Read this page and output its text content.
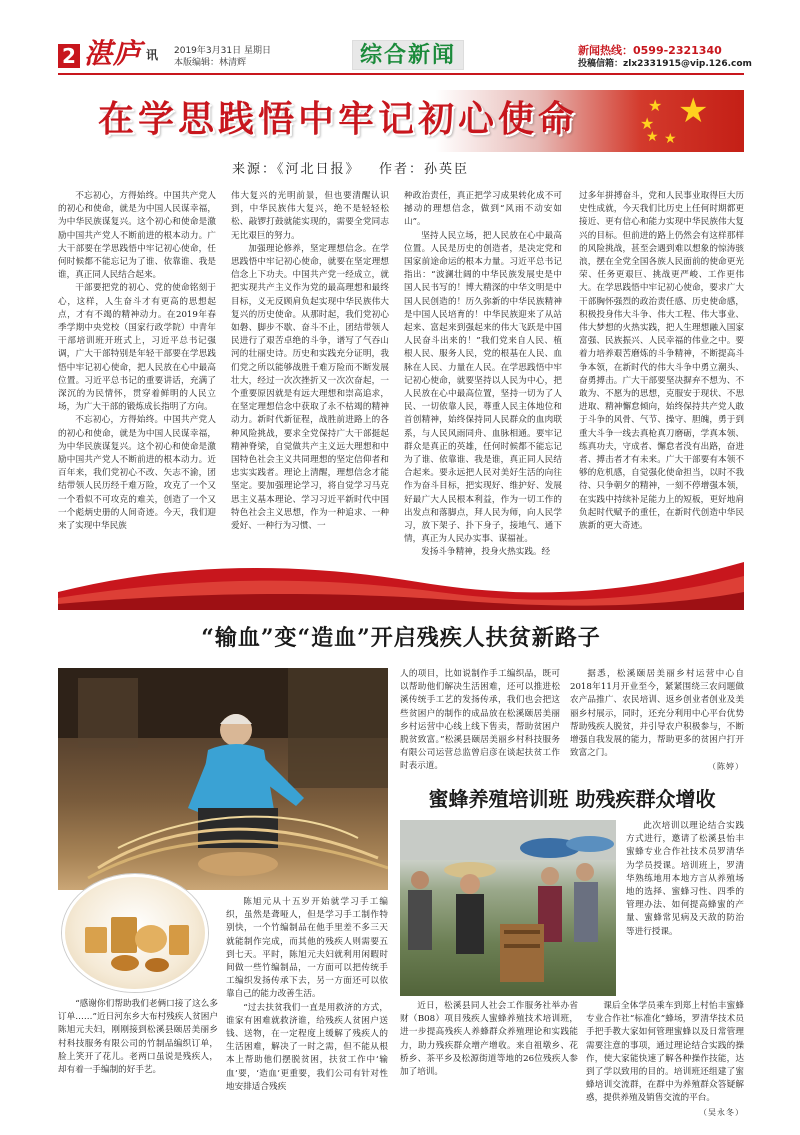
2 湛庐 讯 2019年3月31日 星期日
本版编辑：林清辉	综合新闻	新闻热线：0599-2321340
投稿信箱：zlx2331915@vip.126.com
在学思践悟中牢记初心使命	★
★
★
★ ★
来源：《河北日报》 作者：孙英臣

不忘初心，方得始终。中国共产党人的初心和使命，就是为中国人民谋幸福，为中华民族谋复兴。这个初心和使命是激励中国共产党人不断前进的根本动力。广大干部要在学思践悟中牢记初心使命，任何时候都不能忘记为了谁、依靠谁、我是谁，真正同人民结合起来。

干部要把党的初心、党的使命铭刻于心，这样，人生奋斗才有更高的思想起点，才有不竭的精神动力。在2019年春季学期中央党校（国家行政学院）中青年干部培训班开班式上，习近平总书记强调，广大干部特别是年轻干部要在学思践悟中牢记初心使命，把人民放在心中最高位置。习近平总书记的重要讲话，充满了深沉的为民情怀，贯穿着鲜明的人民立场，为广大干部的锻炼成长指明了方向。

不忘初心，方得始终。中国共产党人的初心和使命，就是为中国人民谋幸福，为中华民族谋复兴。这个初心和使命是激励中国共产党人不断前进的根本动力。近百年来，我们党初心不改、矢志不渝，团结带领人民历经千难万险，攻克了一个又一个看似不可攻克的难关，创造了一个又一个彪炳史册的人间奇迹。今天，我们迎来了实现中华民族

伟大复兴的光明前景，但也要清醒认识到，中华民族伟大复兴，绝不是轻轻松松、敲锣打鼓就能实现的，需要全党同志无比艰巨的努力。

加强理论修养，坚定理想信念。在学思践悟中牢记初心使命，就要在坚定理想信念上下功夫。中国共产党一经成立，就把实现共产主义作为党的最高理想和最终目标，义无反顾肩负起实现中华民族伟大复兴的历史使命。从那时起，我们党初心如磐、脚步不歇、奋斗不止，团结带领人民进行了艰苦卓绝的斗争，谱写了气吞山河的壮丽史诗。历史和实践充分证明，我们党之所以能够战胜千难万险而不断发展壮大，经过一次次挫折又一次次奋起，一个重要原因就是有远大理想和崇高追求，在坚定理想信念中获取了永不枯竭的精神动力。新时代新征程，战胜前进路上的各种风险挑战，要求全党保持广大干部挺起精神脊梁，自觉做共产主义远大理想和中国特色社会主义共同理想的坚定信仰者和忠实实践者。理论上清醒，理想信念才能坚定。要加强理论学习，将自觉学习马克思主义基本理论、学习习近平新时代中国特色社会主义思想，作为一种追求、一种爱好、一种行为习惯、一

种政治责任，真正把学习成果转化成不可撼动的理想信念，做到“风雨不动安如山”。

坚持人民立场，把人民放在心中最高位置。人民是历史的创造者，是决定党和国家前途命运的根本力量。习近平总书记指出：“波澜壮阔的中华民族发展史是中国人民书写的！博大精深的中华文明是中国人民创造的！历久弥新的中华民族精神是中国人民培育的！中华民族迎来了从站起来、富起来到强起来的伟大飞跃是中国人民奋斗出来的！”我们党来自人民、植根人民、服务人民，党的根基在人民、血脉在人民、力量在人民。在学思践悟中牢记初心使命，就要坚持以人民为中心，把人民放在心中最高位置，坚持一切为了人民、一切依靠人民，尊重人民主体地位和首创精神，始终保持同人民群众的血肉联系，与人民风雨同舟、血脉相通。要牢记群众是真正的英雄，任何时候都不能忘记为了谁、依靠谁、我是谁，真正同人民结合起来。要永远把人民对美好生活的向往作为奋斗目标，把实现好、维护好、发展好最广大人民根本利益，作为一切工作的出发点和落脚点，拜人民为师，向人民学习，放下架子、扑下身子，接地气、通下情，真正为人民办实事、谋福祉。

发扬斗争精神，投身火热实践。经

过多年拼搏奋斗，党和人民事业取得巨大历史性成就，今天我们比历史上任何时期都更接近、更有信心和能力实现中华民族伟大复兴的目标。但前进的路上仍然会有这样那样的风险挑战，甚至会遇到难以想象的惊涛骇浪，摆在全党全国各族人民面前的使命更光荣、任务更艰巨、挑战更严峻、工作更伟大。在学思践悟中牢记初心使命，要求广大干部胸怀强烈的政治责任感、历史使命感，积极投身伟大斗争、伟大工程、伟大事业、伟大梦想的火热实践，把人生理想融入国家富强、民族振兴、人民幸福的伟业之中。要着力培养艰苦磨炼的斗争精神，不断提高斗争本领，在新时代的伟大斗争中勇立潮头、奋勇搏击。广大干部要坚决摒弃不想为、不敢为、不愿为的思想，克服安于现状、不思进取、精神懈怠倾向，始终保持共产党人敢于斗争的风骨、气节、操守、胆魄，勇于到重大斗争一线去真枪真刀磨砺，学真本领、练真功夫，守成者、懈怠者没有出路，奋进者、搏击者才有未来。广大干部要有本领不够的危机感，自觉强化使命担当，以时不我待、只争朝夕的精神，一刻不停增强本领，在实践中持续补足能力上的短板，更好地肩负起时代赋予的重任，在新时代创造中华民族新的更大奇迹。

“输血”变“造血”开启残疾人扶贫新路子

“感谢你们帮助我们老俩口接了这么多订单……”近日河东乡大布村残疾人贫困户陈旭元夫妇，刚刚接到松溪县颐居美丽乡村科技服务有限公司的竹制品编织订单，脸上笑开了花儿。老两口虽说是残疾人，却有着一手编制的好手艺。

陈旭元从十五岁开始就学习手工编织，虽然是聋哑人，但是学习手工制作特别快，一个竹编制品在他手里差不多三天就能制作完成，而其他的残疾人则需要五到七天。平时，陈旭元夫妇就利用闲暇时间做一些竹编制品，一方面可以把传统手工编织发扬传承下去，另一方面还可以依靠自己的能力改善生活。

“过去扶贫我们一直是用救济的方式，谁家有困难就救济谁，给残疾人贫困户送钱、送物，在一定程度上缓解了残疾人的生活困难，解决了一时之需，但不能从根本上帮助他们摆脱贫困，扶贫工作中‘输血’要，‘造血’更重要，我们公司有针对性地安排适合残疾

人的项目，比如说制作手工编织品，既可以帮助他们解决生活困难，还可以推进松溪传统手工艺的发扬传承，我们也会把这些贫困户的制作的成品放在松溪颐居美丽乡村运营中心线上线下售卖，帮助贫困户脱贫致富。”松溪县颐居美丽乡村科技服务有限公司运营总监曾启彦在谈起扶贫工作时表示道。

据悉，松溪颐居美丽乡村运营中心自2018年11月开业至今，紧紧围绕三农问题做农产品推广、农民培训、返乡创业者创业及美丽乡村展示，同时，还充分利用中心平台优势帮助残疾人脱贫，并引导农户积极参与，不断增强自我发展的能力，帮助更多的贫困户打开致富之门。

（陈婷）

蜜蜂养殖培训班 助残疾群众增收

此次培训以理论结合实践方式进行，邀请了松溪县怡丰蜜蜂专业合作社技术员罗清华为学员授课。培训班上，罗清华熟练地用本地方言从养殖场地的选择、蜜蜂习性、四季的管理办法、如何提高蜂蜜的产量、蜜蜂常见病及天敌的防治等进行授课。

近日，松溪县同人社会工作服务社举办省财（B08）项目残疾人蜜蜂养殖技术培训班，进一步提高残疾人养蜂群众养殖理论和实践能力，助力残疾群众增产增收。来自祖墩乡、花桥乡、茶平乡及松源街道等地的26位残疾人参加了培训。

课后全体学员乘车到郑上村怡丰蜜蜂专业合作社“标准化”蜂场，罗清华技术员手把手教大家如何管理蜜蜂以及日常管理需要注意的事项，通过理论结合实践的操作，使大家能快速了解各种操作技能，达到了学以致用的目的。培训班还组建了蜜蜂培训交流群，在群中为养殖群众答疑解惑，提供养殖及销售交流的平台。

（吴永冬）
